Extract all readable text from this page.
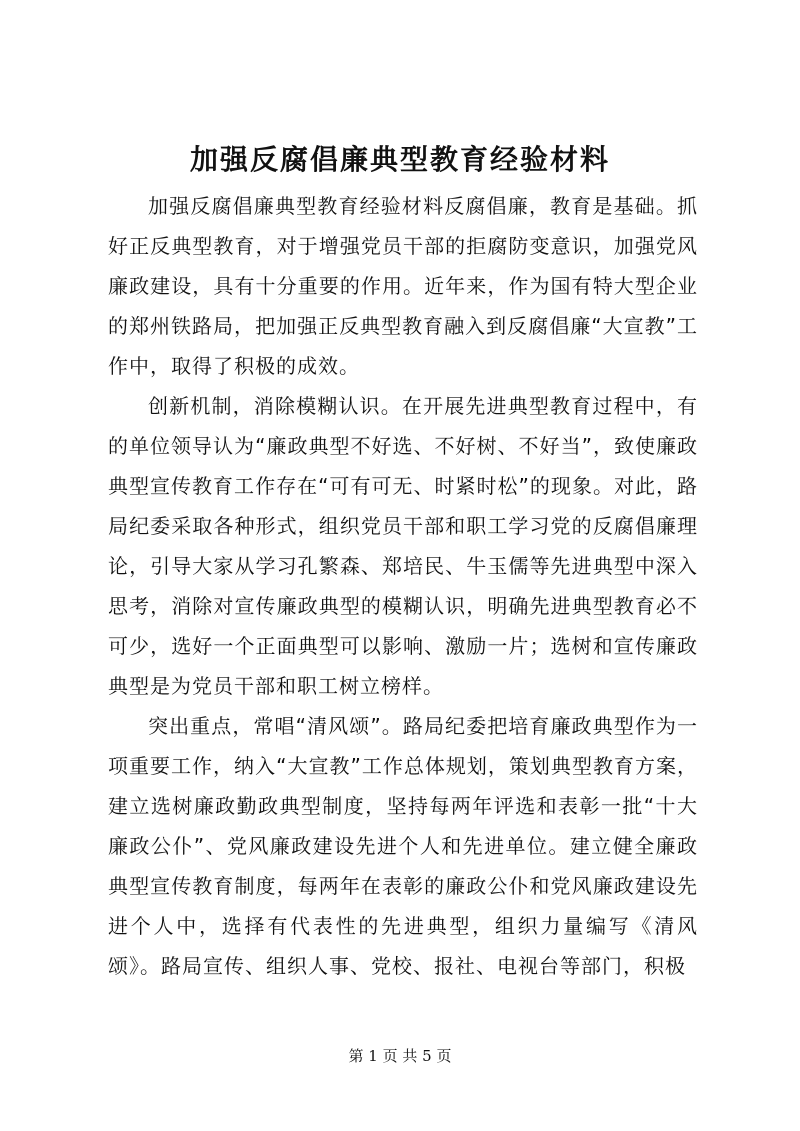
加强反腐倡廉典型教育经验材料

加强反腐倡廉典型教育经验材料反腐倡廉，教育是基础。抓好正反典型教育，对于增强党员干部的拒腐防变意识，加强党风廉政建设，具有十分重要的作用。近年来，作为国有特大型企业的郑州铁路局，把加强正反典型教育融入到反腐倡廉“大宣教”工作中，取得了积极的成效。

创新机制，消除模糊认识。在开展先进典型教育过程中，有的单位领导认为“廉政典型不好选、不好树、不好当”，致使廉政典型宣传教育工作存在“可有可无、时紧时松”的现象。对此，路局纪委采取各种形式，组织党员干部和职工学习党的反腐倡廉理论，引导大家从学习孔繁森、郑培民、牛玉儒等先进典型中深入思考，消除对宣传廉政典型的模糊认识，明确先进典型教育必不可少，选好一个正面典型可以影响、激励一片；选树和宣传廉政典型是为党员干部和职工树立榜样。

突出重点，常唱“清风颂”。路局纪委把培育廉政典型作为一项重要工作，纳入“大宣教”工作总体规划，策划典型教育方案，建立选树廉政勤政典型制度，坚持每两年评选和表彰一批“十大廉政公仆”、党风廉政建设先进个人和先进单位。建立健全廉政典型宣传教育制度，每两年在表彰的廉政公仆和党风廉政建设先进个人中，选择有代表性的先进典型，组织力量编写《清风颂》。路局宣传、组织人事、党校、报社、电视台等部门，积极

第 1 页 共 5 页
